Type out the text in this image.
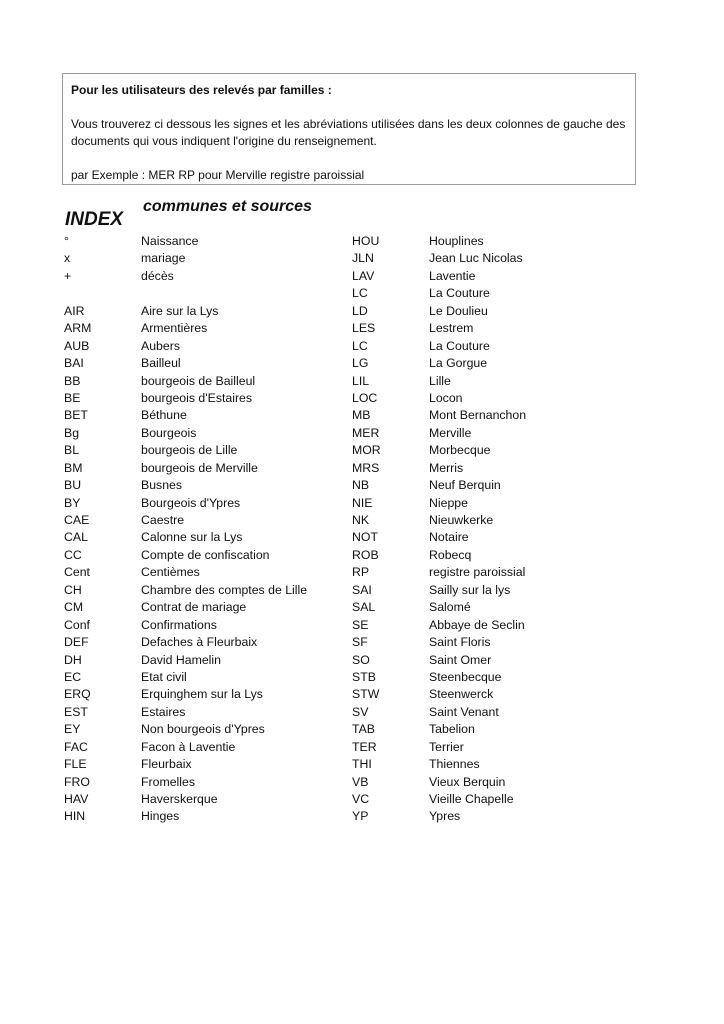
Pour les utilisateurs des relevés par familles :

Vous trouverez ci dessous les signes et les abréviations utilisées dans les deux colonnes de gauche des

documents qui vous indiquent l'origine du renseignement.

par Exemple : MER RP pour Merville registre paroissial

INDEX
communes et sources
°	Naissance
x	mariage
+	décès
AIR	Aire sur la Lys
ARM	Armentières
AUB	Aubers
BAI	Bailleul
BB	bourgeois de Bailleul
BE	bourgeois d'Estaires
BET	Béthune
Bg	Bourgeois
BL	bourgeois de Lille
BM	bourgeois de Merville
BU	Busnes
BY	Bourgeois d'Ypres
CAE	Caestre
CAL	Calonne sur la Lys
CC	Compte de confiscation
Cent	Centièmes
CH	Chambre des comptes de Lille
CM	Contrat de mariage
Conf	Confirmations
DEF	Defaches à Fleurbaix
DH	David Hamelin
EC	Etat civil
ERQ	Erquinghem sur la Lys
EST	Estaires
EY	Non bourgeois d'Ypres
FAC	Facon à Laventie
FLE	Fleurbaix
FRO	Fromelles
HAV	Haverskerque
HIN	Hinges
HOU	Houplines
JLN	Jean Luc Nicolas
LAV	Laventie
LC	La Couture
LD	Le Doulieu
LES	Lestrem
LC	La Couture
LG	La Gorgue
LIL	Lille
LOC	Locon
MB	Mont Bernanchon
MER	Merville
MOR	Morbecque
MRS	Merris
NB	Neuf Berquin
NIE	Nieppe
NK	Nieuwkerke
NOT	Notaire
ROB	Robecq
RP	registre paroissial
SAI	Sailly sur la lys
SAL	Salomé
SE	Abbaye de Seclin
SF	Saint Floris
SO	Saint Omer
STB	Steenbecque
STW	Steenwerck
SV	Saint Venant
TAB	Tabelion
TER	Terrier
THI	Thiennes
VB	Vieux Berquin
VC	Vieille Chapelle
YP	Ypres
